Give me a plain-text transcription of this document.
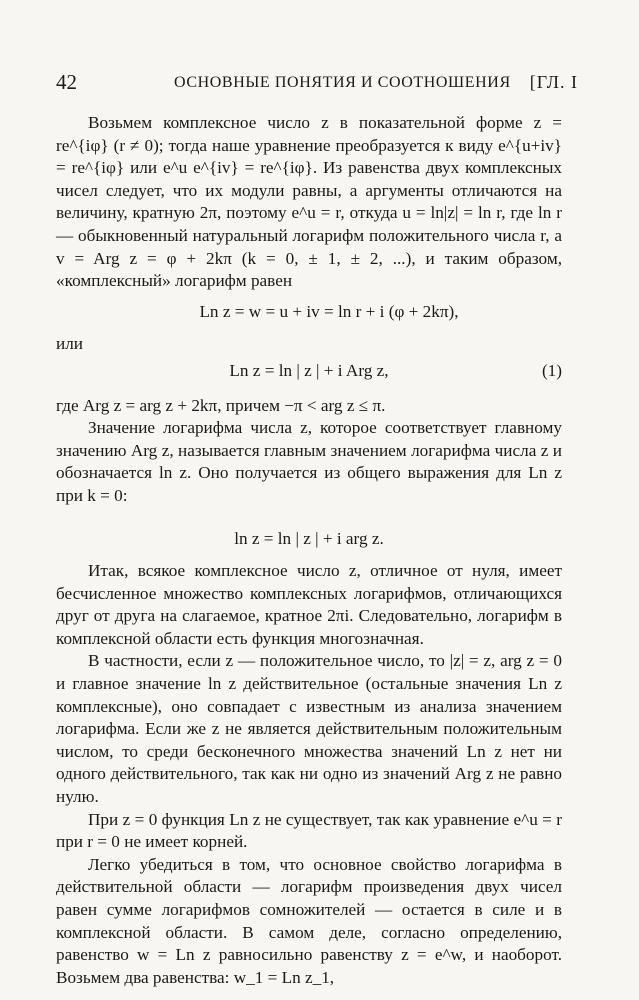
42	ОСНОВНЫЕ ПОНЯТИЯ И СООТНОШЕНИЯ [ГЛ. I

Возьмем комплексное число z в показательной форме z = re^{iφ} (r ≠ 0); тогда наше уравнение преобразуется к виду e^{u+iv} = re^{iφ} или e^u e^{iv} = re^{iφ}. Из равенства двух комплексных чисел следует, что их модули равны, а аргументы отличаются на величину, кратную 2π, поэтому e^u = r, откуда u = ln|z| = ln r, где ln r — обыкновенный натуральный логарифм положительного числа r, а v = Arg z = φ + 2kπ (k = 0, ± 1, ± 2, ...), и таким образом, «комплексный» логарифм равен

Ln z = w = u + iv = ln r + i (φ + 2kπ),

или

Ln z = ln | z | + i Arg z,	(1)

где Arg z = arg z + 2kπ, причем −π < arg z ≤ π.

Значение логарифма числа z, которое соответствует главному значению Arg z, называется главным значением логарифма числа z и обозначается ln z. Оно получается из общего выражения для Ln z при k = 0:

ln z = ln | z | + i arg z.

Итак, всякое комплексное число z, отличное от нуля, имеет бесчисленное множество комплексных логарифмов, отличающихся друг от друга на слагаемое, кратное 2πi. Следовательно, логарифм в комплексной области есть функция многозначная.

В частности, если z — положительное число, то |z| = z, arg z = 0 и главное значение ln z действительное (остальные значения Ln z комплексные), оно совпадает с известным из анализа значением логарифма. Если же z не является действительным положительным числом, то среди бесконечного множества значений Ln z нет ни одного действительного, так как ни одно из значений Arg z не равно нулю.

При z = 0 функция Ln z не существует, так как уравнение e^u = r при r = 0 не имеет корней.

Легко убедиться в том, что основное свойство логарифма в действительной области — логарифм произведения двух чисел равен сумме логарифмов сомножителей — остается в силе и в комплексной области. В самом деле, согласно определению, равенство w = Ln z равносильно равенству z = e^w, и наоборот. Возьмем два равенства: w_1 = Ln z_1,
